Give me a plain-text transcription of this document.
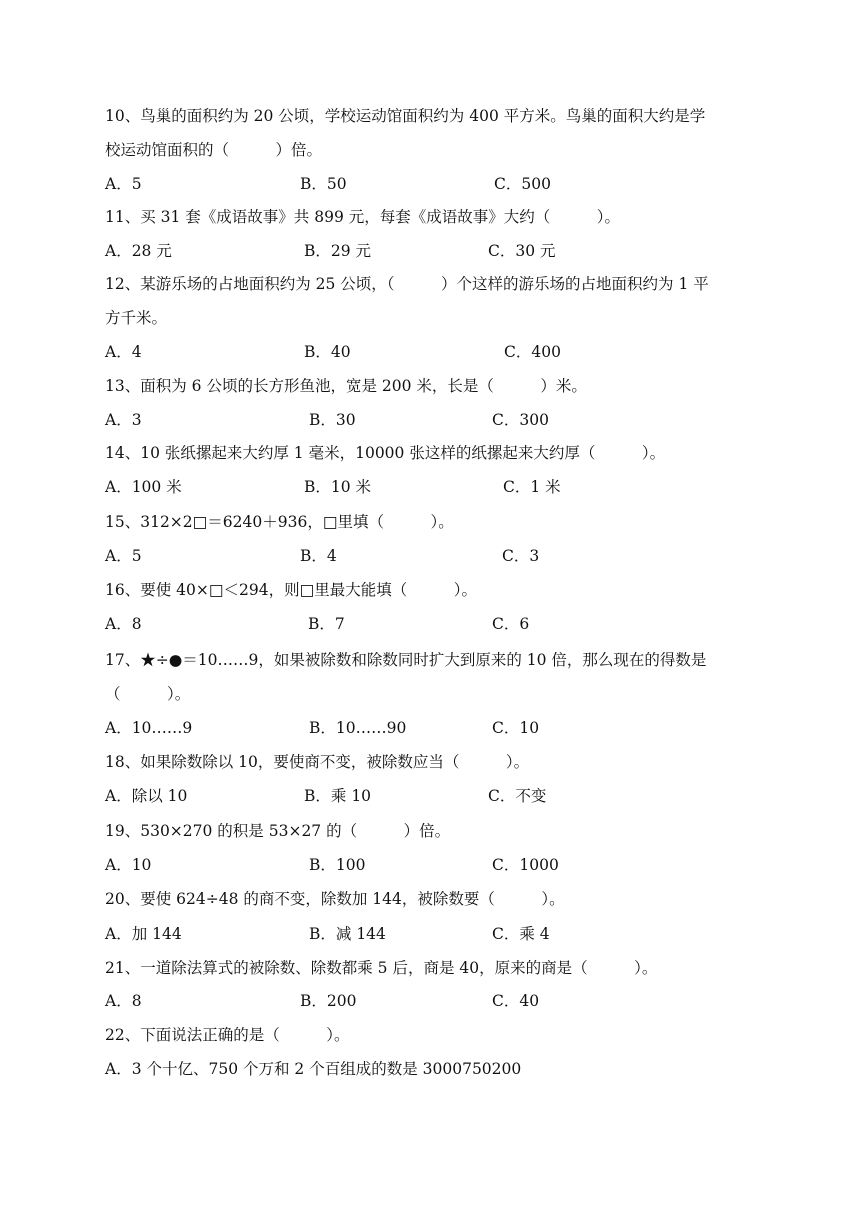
10、鸟巢的面积约为 20 公顷，学校运动馆面积约为 400 平方米。鸟巢的面积大约是学
校运动馆面积的（　　　）倍。
A．5	B．50	C．500
11、买 31 套《成语故事》共 899 元，每套《成语故事》大约（　　　）。
A．28 元	B．29 元	C．30 元
12、某游乐场的占地面积约为 25 公顷，（　　　）个这样的游乐场的占地面积约为 1 平
方千米。
A．4	B．40	C．400
13、面积为 6 公顷的长方形鱼池，宽是 200 米，长是（　　　）米。
A．3	B．30	C．300
14、10 张纸摞起来大约厚 1 毫米，10000 张这样的纸摞起来大约厚（　　　）。
A．100 米	B．10 米	C．1 米
15、312×2□＝6240＋936，□里填（　　　）。
A．5	B．4	C．3
16、要使 40×□＜294，则□里最大能填（　　　）。
A．8	B．7	C．6
17、★÷●＝10……9，如果被除数和除数同时扩大到原来的 10 倍，那么现在的得数是
（　　　）。
A．10……9	B．10……90	C．10
18、如果除数除以 10，要使商不变，被除数应当（　　　）。
A．除以 10	B．乘 10	C．不变
19、530×270 的积是 53×27 的（　　　）倍。
A．10	B．100	C．1000
20、要使 624÷48 的商不变，除数加 144，被除数要（　　　）。
A．加 144	B．减 144	C．乘 4
21、一道除法算式的被除数、除数都乘 5 后，商是 40，原来的商是（　　　）。
A．8	B．200	C．40
22、下面说法正确的是（　　　）。
A．3 个十亿、750 个万和 2 个百组成的数是 3000750200
